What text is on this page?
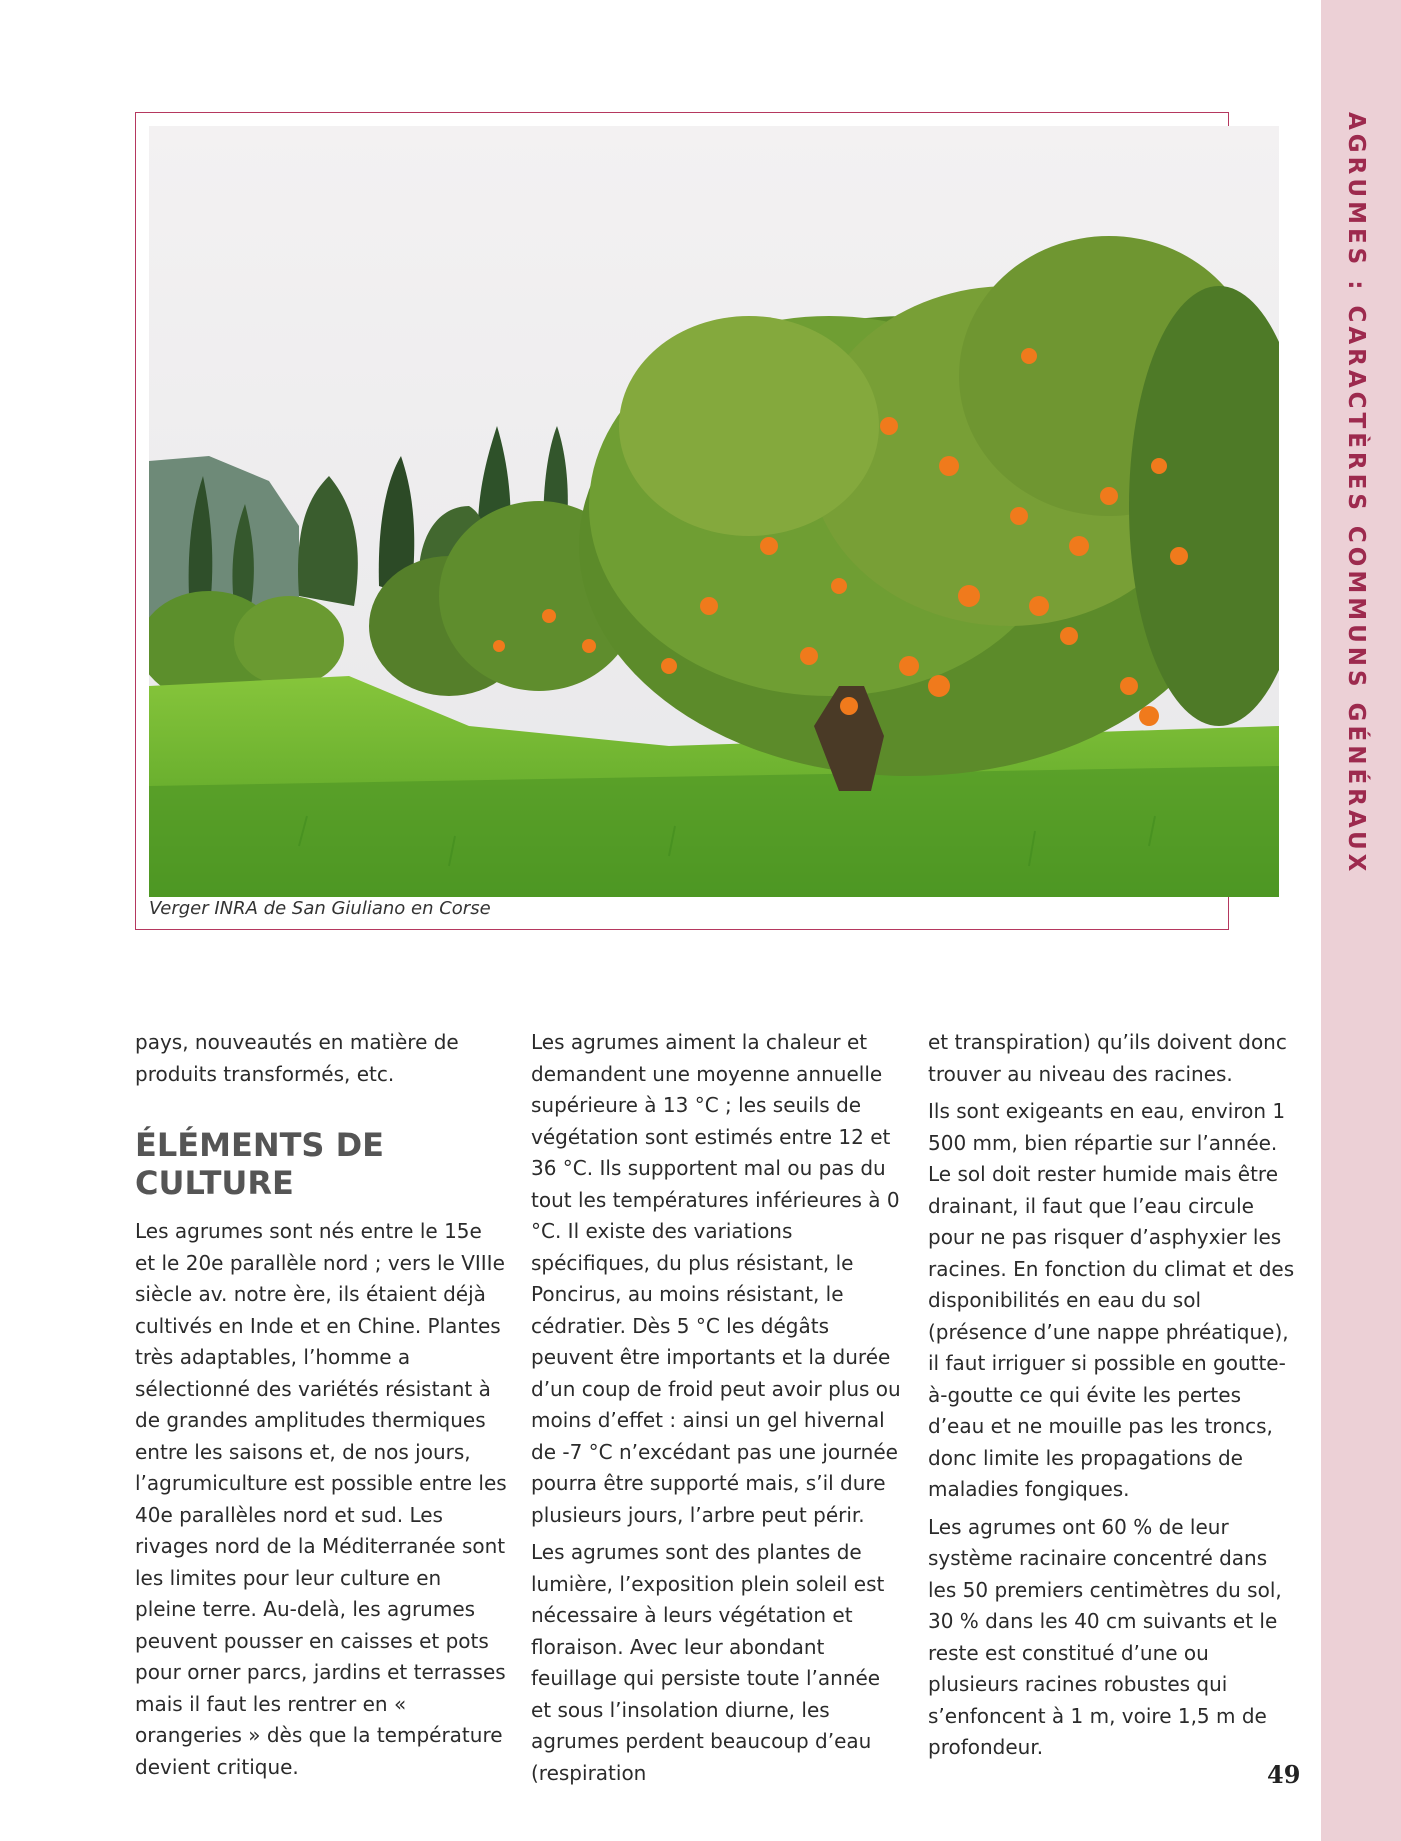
AGRUMES : CARACTÈRES COMMUNS GÉNÉRAUX
Verger INRA de San Giuliano en Corse

pays, nouveautés en matière de produits transformés, etc.

ÉLÉMENTS DE CULTURE

Les agrumes sont nés entre le 15e et le 20e parallèle nord ; vers le VIIIe siècle av. notre ère, ils étaient déjà cultivés en Inde et en Chine. Plantes très adaptables, l’homme a sélectionné des variétés résistant à de grandes amplitudes thermiques entre les saisons et, de nos jours, l’agrumiculture est possible entre les 40e parallèles nord et sud. Les rivages nord de la Méditerranée sont les limites pour leur culture en pleine terre. Au-delà, les agrumes peuvent pousser en caisses et pots pour orner parcs, jardins et terrasses mais il faut les rentrer en « orangeries » dès que la température devient critique.

Les agrumes aiment la chaleur et demandent une moyenne annuelle supérieure à 13 °C ; les seuils de végétation sont estimés entre 12 et 36 °C. Ils supportent mal ou pas du tout les températures inférieures à 0 °C. Il existe des variations spécifiques, du plus résistant, le Poncirus, au moins résistant, le cédratier. Dès 5 °C les dégâts peuvent être importants et la durée d’un coup de froid peut avoir plus ou moins d’effet : ainsi un gel hivernal de -7 °C n’excédant pas une journée pourra être supporté mais, s’il dure plusieurs jours, l’arbre peut périr.

Les agrumes sont des plantes de lumière, l’exposition plein soleil est nécessaire à leurs végétation et floraison. Avec leur abondant feuillage qui persiste toute l’année et sous l’insolation diurne, les agrumes perdent beaucoup d’eau (respiration

et transpiration) qu’ils doivent donc trouver au niveau des racines.

Ils sont exigeants en eau, environ 1 500 mm, bien répartie sur l’année. Le sol doit rester humide mais être drainant, il faut que l’eau circule pour ne pas risquer d’asphyxier les racines. En fonction du climat et des disponibilités en eau du sol (présence d’une nappe phréatique), il faut irriguer si possible en goutte-à-goutte ce qui évite les pertes d’eau et ne mouille pas les troncs, donc limite les propagations de maladies fongiques.

Les agrumes ont 60 % de leur système racinaire concentré dans les 50 premiers centimètres du sol, 30 % dans les 40 cm suivants et le reste est constitué d’une ou plusieurs racines robustes qui s’enfoncent à 1 m, voire 1,5 m de profondeur.

49
